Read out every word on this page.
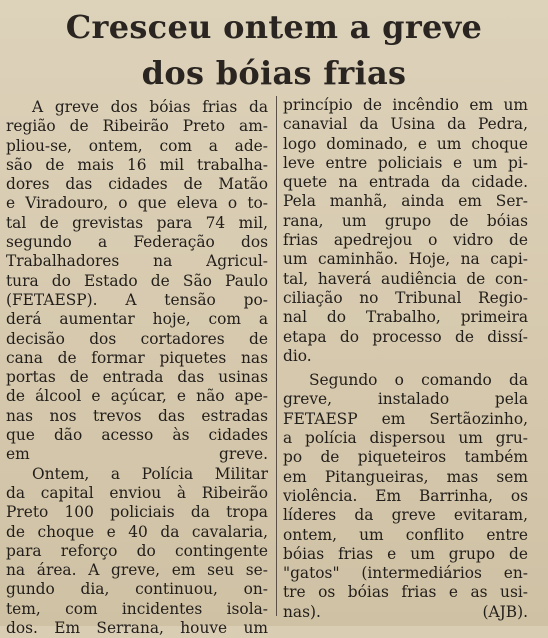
Cresceu ontem a greve
dos bóias frias

A greve dos bóias frias da
região de Ribeirão Preto am-
pliou-se, ontem, com a ade-
são de mais 16 mil trabalha-
dores das cidades de Matão
e Viradouro, o que eleva o to-
tal de grevistas para 74 mil,
segundo a Federação dos
Trabalhadores na Agricul-
tura do Estado de São Paulo
(FETAESP). A tensão po-
derá aumentar hoje, com a
decisão dos cortadores de
cana de formar piquetes nas
portas de entrada das usinas
de álcool e açúcar, e não ape-
nas nos trevos das estradas
que dão acesso às cidades
em greve.

Ontem, a Polícia Militar
da capital enviou à Ribeirão
Preto 100 policiais da tropa
de choque e 40 da cavalaria,
para reforço do contingente
na área. A greve, em seu se-
gundo dia, continuou, on-
tem, com incidentes isola-
dos. Em Serrana, houve um

princípio de incêndio em um
canavial da Usina da Pedra,
logo dominado, e um choque
leve entre policiais e um pi-
quete na entrada da cidade.
Pela manhã, ainda em Ser-
rana, um grupo de bóias
frias apedrejou o vidro de
um caminhão. Hoje, na capi-
tal, haverá audiência de con-
ciliação no Tribunal Regio-
nal do Trabalho, primeira
etapa do processo de dissí-
dio.

Segundo o comando da
greve, instalado pela
FETAESP em Sertãozinho,
a polícia dispersou um gru-
po de piqueteiros também
em Pitangueiras, mas sem
violência. Em Barrinha, os
líderes da greve evitaram,
ontem, um conflito entre
bóias frias e um grupo de
"gatos" (intermediários en-
tre os bóias frias e as usi-
nas). (AJB).
